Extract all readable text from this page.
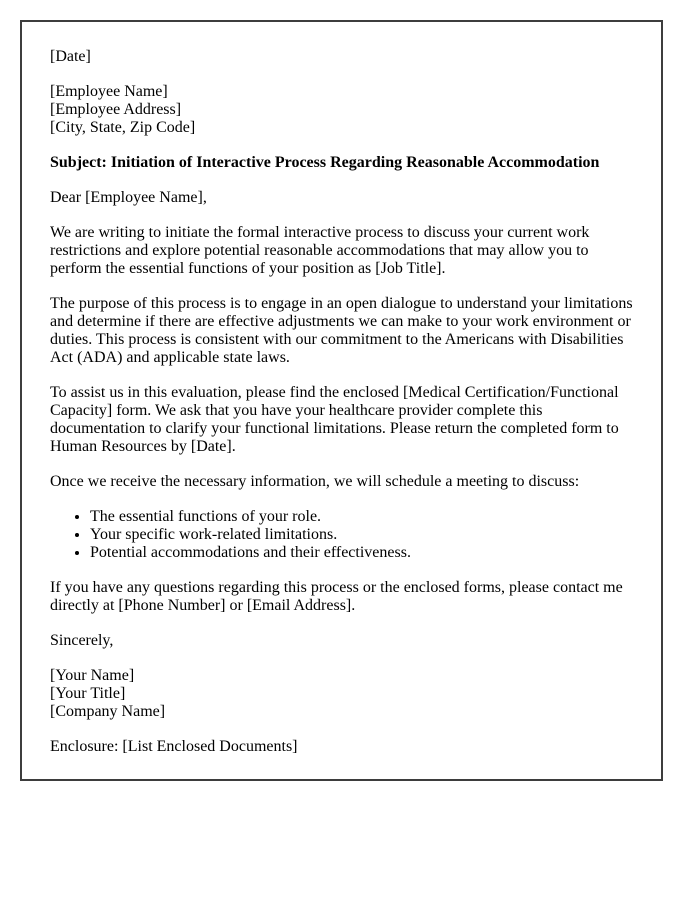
[Date]

[Employee Name]

[Employee Address]

[City, State, Zip Code]

Subject: Initiation of Interactive Process Regarding Reasonable Accommodation

Dear [Employee Name],

We are writing to initiate the formal interactive process to discuss your current work restrictions and explore potential reasonable accommodations that may allow you to perform the essential functions of your position as [Job Title].

The purpose of this process is to engage in an open dialogue to understand your limitations and determine if there are effective adjustments we can make to your work environment or duties. This process is consistent with our commitment to the Americans with Disabilities Act (ADA) and applicable state laws.

To assist us in this evaluation, please find the enclosed [Medical Certification/Functional Capacity] form. We ask that you have your healthcare provider complete this documentation to clarify your functional limitations. Please return the completed form to Human Resources by [Date].

Once we receive the necessary information, we will schedule a meeting to discuss:

• The essential functions of your role.
• Your specific work-related limitations.
• Potential accommodations and their effectiveness.

If you have any questions regarding this process or the enclosed forms, please contact me directly at [Phone Number] or [Email Address].

Sincerely,

[Your Name]

[Your Title]

[Company Name]

Enclosure: [List Enclosed Documents]
